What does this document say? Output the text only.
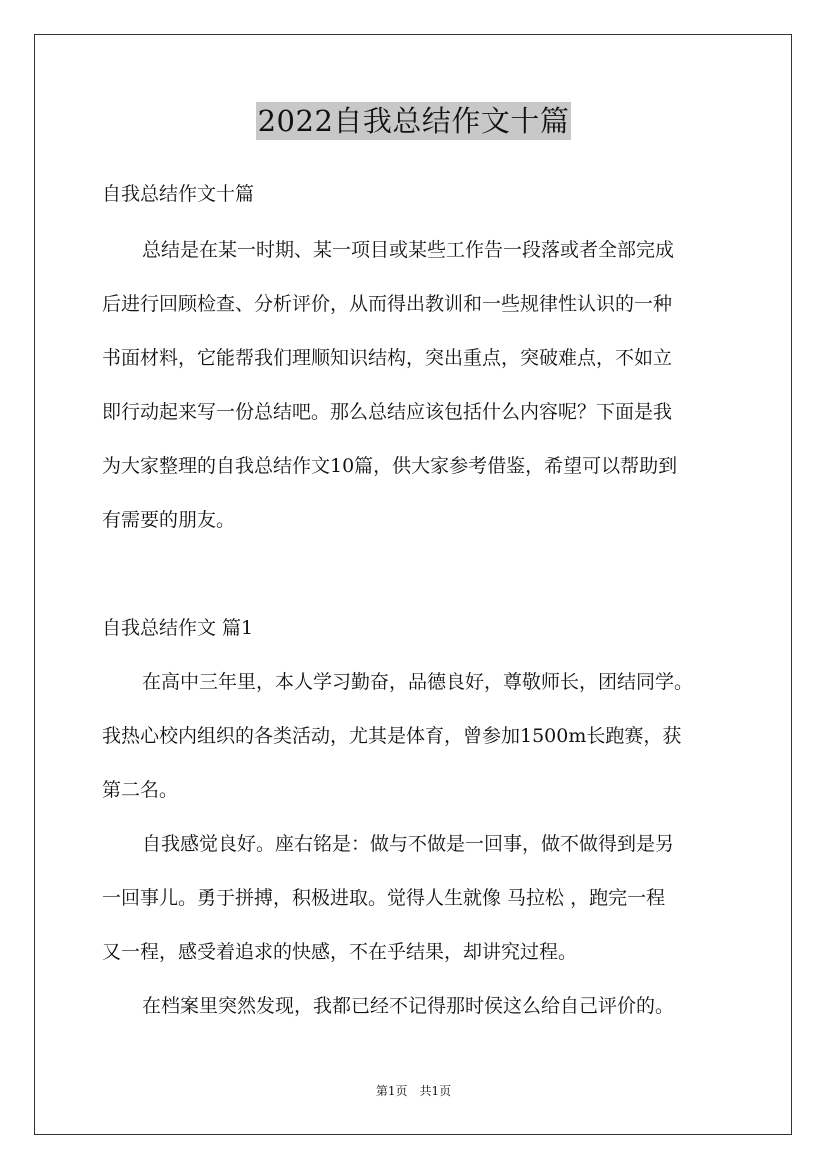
2022自我总结作文十篇
自我总结作文十篇
总结是在某一时期、某一项目或某些工作告一段落或者全部完成
后进行回顾检查、分析评价，从而得出教训和一些规律性认识的一种
书面材料，它能帮我们理顺知识结构，突出重点，突破难点，不如立
即行动起来写一份总结吧。那么总结应该包括什么内容呢？下面是我
为大家整理的自我总结作文10篇，供大家参考借鉴，希望可以帮助到
有需要的朋友。
自我总结作文 篇1
在高中三年里，本人学习勤奋，品德良好，尊敬师长，团结同学。
我热心校内组织的各类活动，尤其是体育，曾参加1500m长跑赛，获
第二名。
自我感觉良好。座右铭是：做与不做是一回事，做不做得到是另
一回事儿。勇于拼搏，积极进取。觉得人生就像 马拉松 ，跑完一程
又一程，感受着追求的快感，不在乎结果，却讲究过程。
在档案里突然发现，我都已经不记得那时侯这么给自己评价的。
第1页　共1页
